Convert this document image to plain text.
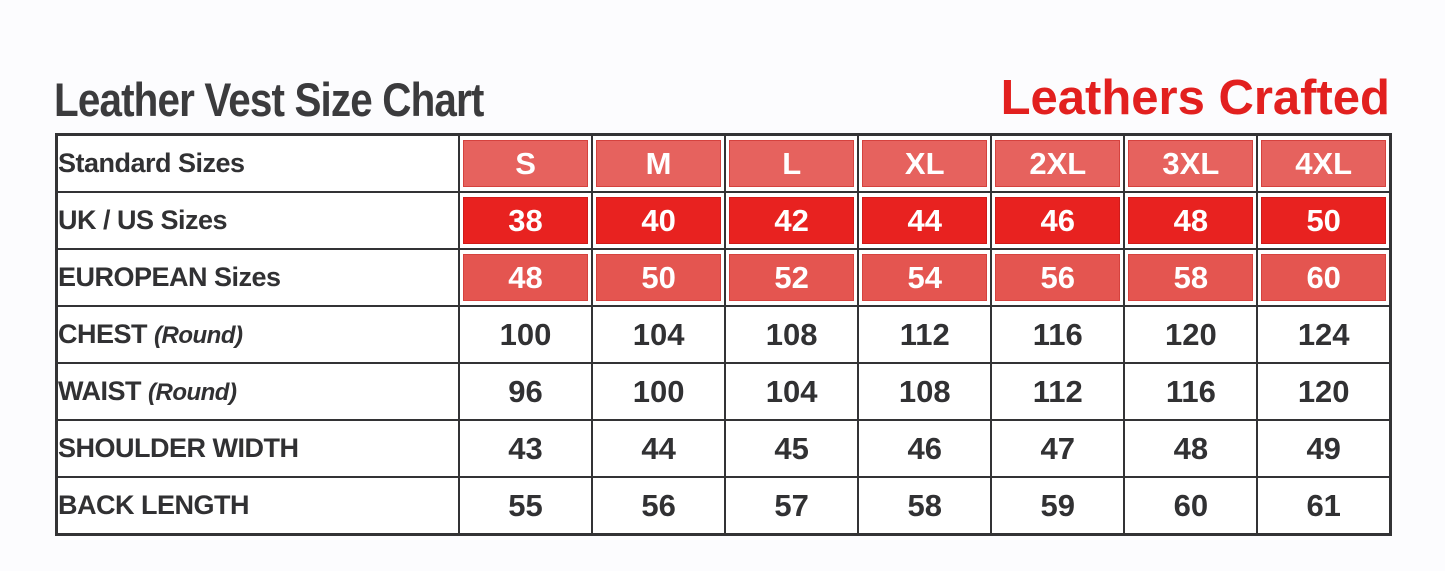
Leather Vest Size Chart	Leathers Crafted
Standard Sizes	S	M	L	XL	2XL	3XL	4XL

UK / US Sizes	38	40	42	44	46	48	50

EUROPEAN Sizes	48	50	52	54	56	58	60

CHEST (Round)	100	104	108	112	116	120	124
WAIST (Round)	96	100	104	108	112	116	120
SHOULDER WIDTH	43	44	45	46	47	48	49
BACK LENGTH	55	56	57	58	59	60	61
